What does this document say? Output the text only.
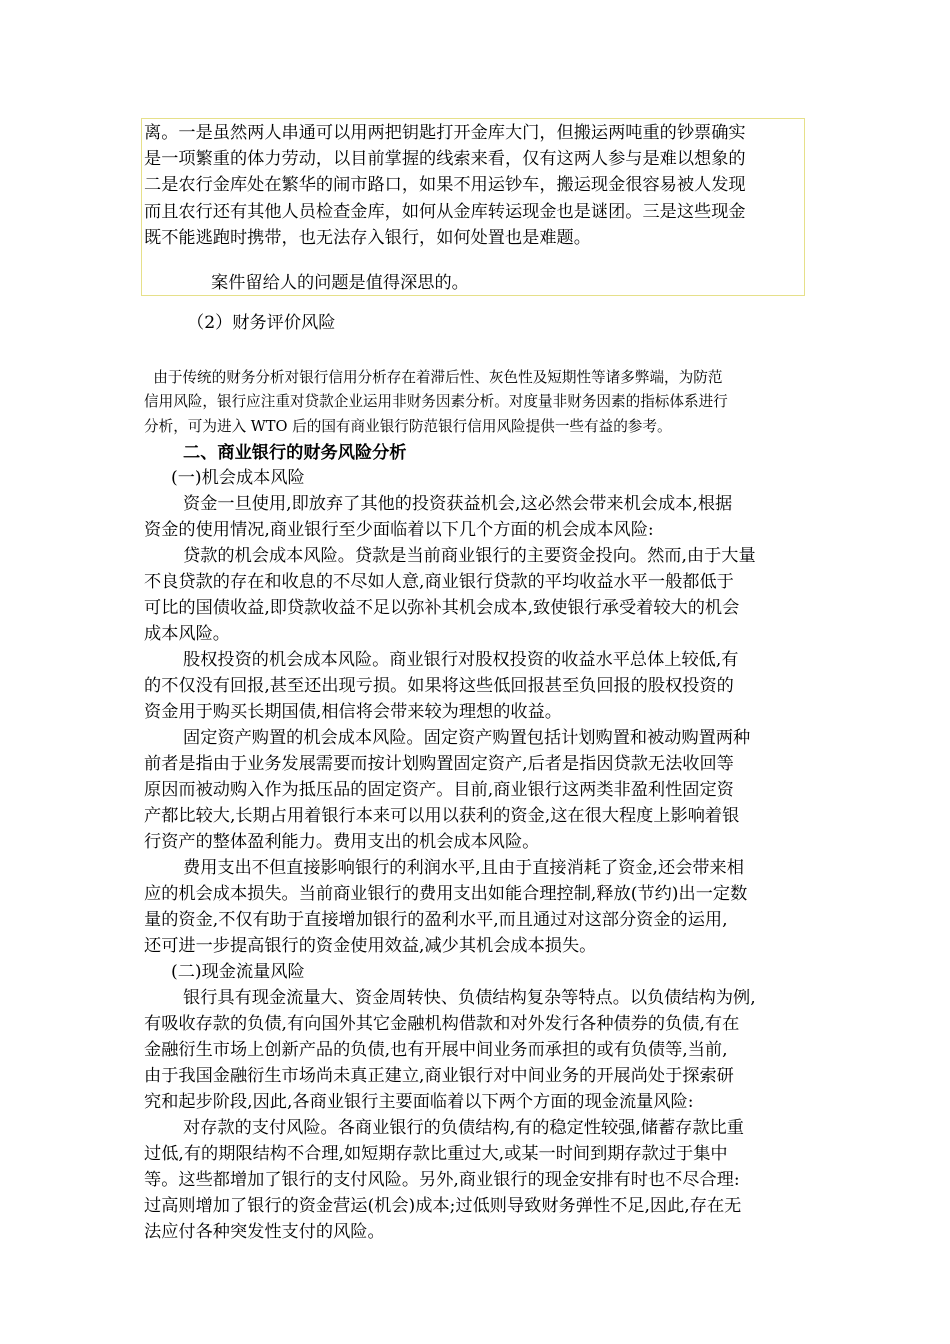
离。一是虽然两人串通可以用两把钥匙打开金库大门，但搬运两吨重的钞票确实
是一项繁重的体力劳动，以目前掌握的线索来看，仅有这两人参与是难以想象的
二是农行金库处在繁华的闹市路口，如果不用运钞车，搬运现金很容易被人发现
而且农行还有其他人员检查金库，如何从金库转运现金也是谜团。三是这些现金
既不能逃跑时携带，也无法存入银行，如何处置也是难题。
案件留给人的问题是值得深思的。
（2）财务评价风险
由于传统的财务分析对银行信用分析存在着滞后性、灰色性及短期性等诸多弊端，为防范
信用风险，银行应注重对贷款企业运用非财务因素分析。对度量非财务因素的指标体系进行
分析，可为进入 WTO 后的国有商业银行防范银行信用风险提供一些有益的参考。
二、商业银行的财务风险分析
(一)机会成本风险
资金一旦使用,即放弃了其他的投资获益机会,这必然会带来机会成本,根据
资金的使用情况,商业银行至少面临着以下几个方面的机会成本风险:
贷款的机会成本风险。贷款是当前商业银行的主要资金投向。然而,由于大量
不良贷款的存在和收息的不尽如人意,商业银行贷款的平均收益水平一般都低于
可比的国债收益,即贷款收益不足以弥补其机会成本,致使银行承受着较大的机会
成本风险。
股权投资的机会成本风险。商业银行对股权投资的收益水平总体上较低,有
的不仅没有回报,甚至还出现亏损。如果将这些低回报甚至负回报的股权投资的
资金用于购买长期国债,相信将会带来较为理想的收益。
固定资产购置的机会成本风险。固定资产购置包括计划购置和被动购置两种
前者是指由于业务发展需要而按计划购置固定资产,后者是指因贷款无法收回等
原因而被动购入作为抵压品的固定资产。目前,商业银行这两类非盈利性固定资
产都比较大,长期占用着银行本来可以用以获利的资金,这在很大程度上影响着银
行资产的整体盈利能力。费用支出的机会成本风险。
费用支出不但直接影响银行的利润水平,且由于直接消耗了资金,还会带来相
应的机会成本损失。当前商业银行的费用支出如能合理控制,释放(节约)出一定数
量的资金,不仅有助于直接增加银行的盈利水平,而且通过对这部分资金的运用,
还可进一步提高银行的资金使用效益,减少其机会成本损失。
(二)现金流量风险
银行具有现金流量大、资金周转快、负债结构复杂等特点。以负债结构为例,
有吸收存款的负债,有向国外其它金融机构借款和对外发行各种债券的负债,有在
金融衍生市场上创新产品的负债,也有开展中间业务而承担的或有负债等,当前,
由于我国金融衍生市场尚未真正建立,商业银行对中间业务的开展尚处于探索研
究和起步阶段,因此,各商业银行主要面临着以下两个方面的现金流量风险:
对存款的支付风险。各商业银行的负债结构,有的稳定性较强,储蓄存款比重
过低,有的期限结构不合理,如短期存款比重过大,或某一时间到期存款过于集中
等。这些都增加了银行的支付风险。另外,商业银行的现金安排有时也不尽合理:
过高则增加了银行的资金营运(机会)成本;过低则导致财务弹性不足,因此,存在无
法应付各种突发性支付的风险。
